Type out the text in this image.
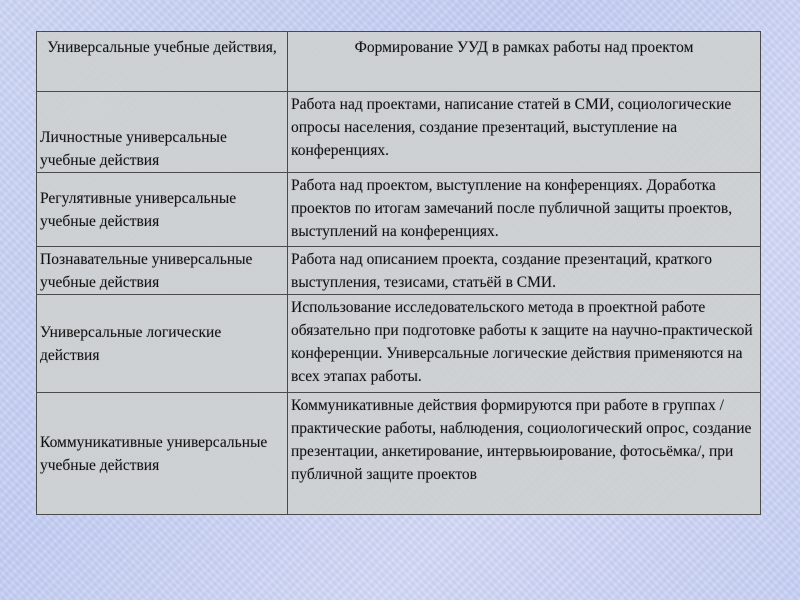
Универсальные учебные действия,	Формирование УУД в рамках работы над проектом
Личностные универсальные учебные действия	Работа над проектами, написание статей в СМИ, социологические опросы населения, создание презентаций, выступление на конференциях.
Регулятивные универсальные учебные действия	Работа над проектом, выступление на конференциях. Доработка проектов по итогам замечаний после публичной защиты проектов, выступлений на конференциях.
Познавательные универсальные учебные действия	Работа над описанием проекта, создание презентаций, краткого выступления, тезисами, статьёй в СМИ.
Универсальные логические действия	Использование исследовательского метода в проектной работе обязательно при подготовке работы к защите на научно-практической конференции. Универсальные логические действия применяются на всех этапах работы.
Коммуникативные универсальные учебные действия	Коммуникативные действия формируются при работе в группах /практические работы, наблюдения, социологический опрос, создание презентации, анкетирование, интервьюирование, фотосьёмка/, при публичной защите проектов
